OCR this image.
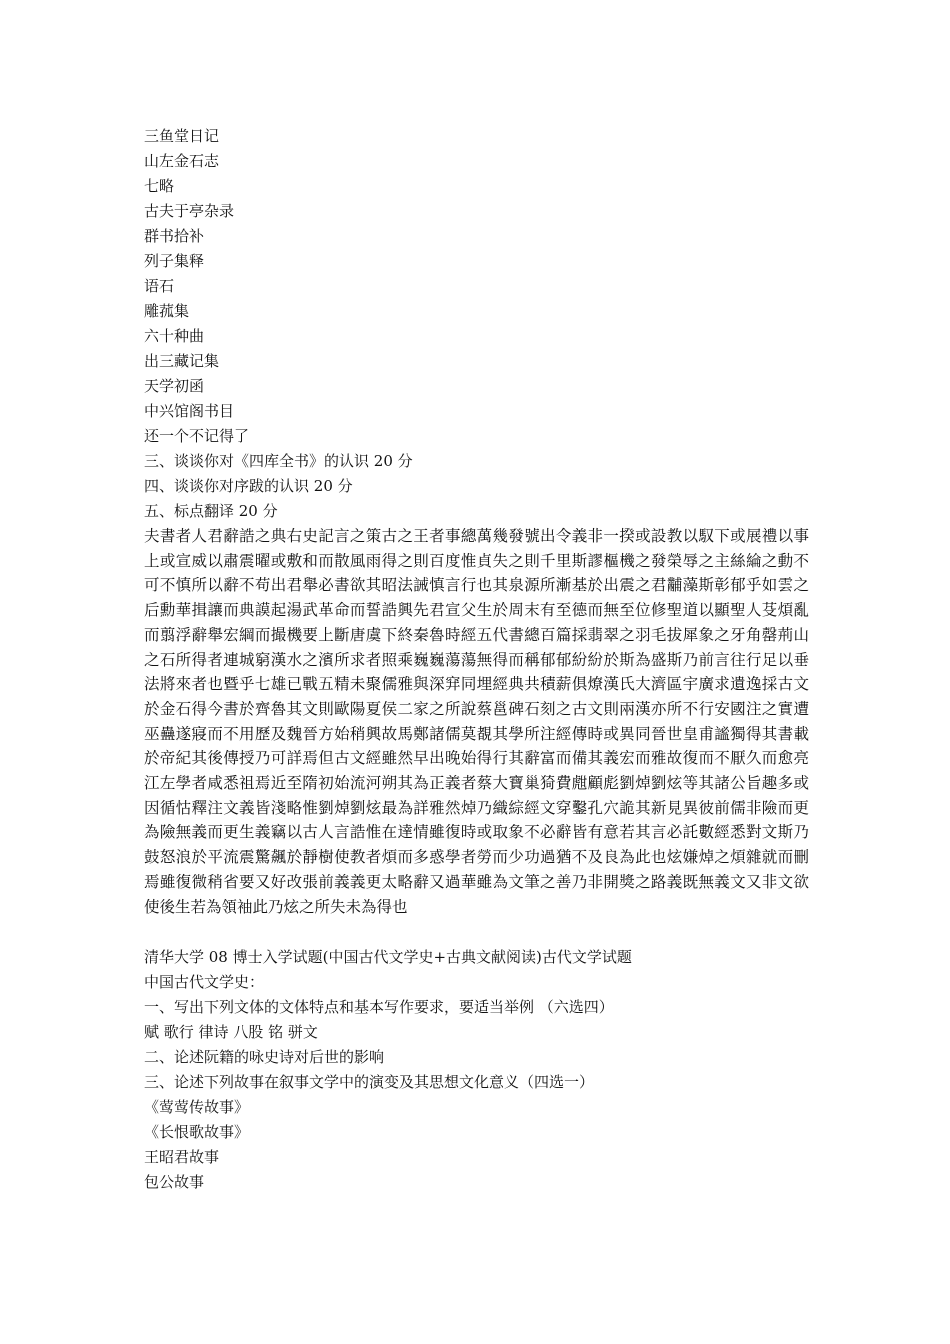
三鱼堂日记
山左金石志
七略
古夫于亭杂录
群书拾补
列子集释
语石
雕菰集
六十种曲
出三藏记集
天学初函
中兴馆阁书目
还一个不记得了
三、谈谈你对《四库全书》的认识 20 分
四、谈谈你对序跋的认识 20 分
五、标点翻译 20 分

夫書者人君辭誥之典右史記言之策古之王者事總萬幾發號出令義非一揆或設教以馭下或展禮以事上或宣威以肅震曜或敷和而散風雨得之則百度惟貞失之則千里斯謬樞機之發榮辱之主絲綸之動不可不慎所以辭不苟出君舉必書欲其昭法誡慎言行也其泉源所漸基於出震之君黼藻斯彰郁乎如雲之后勳華揖讓而典謨起湯武革命而誓誥興先君宣父生於周末有至德而無至位修聖道以顯聖人芟煩亂而翦浮辭舉宏綱而撮機要上斷唐虞下終秦魯時經五代書總百篇採翡翠之羽毛拔犀象之牙角罄荊山之石所得者連城窮漢水之濱所求者照乘巍巍蕩蕩無得而稱郁郁紛紛於斯為盛斯乃前言往行足以垂法將來者也暨乎七雄已戰五精未聚儒雅與深穽同埋經典共積薪俱燎漢氏大濟區宇廣求遺逸採古文於金石得今書於齊魯其文則歐陽夏侯二家之所說蔡邕碑石刻之古文則兩漢亦所不行安國注之實遭巫蠱遂寢而不用歷及魏晉方始稍興故馬鄭諸儒莫覩其學所注經傳時或異同晉世皇甫謐獨得其書載於帝紀其後傳授乃可詳焉但古文經雖然早出晚始得行其辭富而備其義宏而雅故復而不厭久而愈亮江左學者咸悉祖焉近至隋初始流河朔其為正義者蔡大寶巢猗費甝顧彪劉焯劉炫等其諸公旨趣多或因循怙釋注文義皆淺略惟劉焯劉炫最為詳雅然焯乃織綜經文穿鑿孔穴詭其新見異彼前儒非險而更為險無義而更生義竊以古人言誥惟在達情雖復時或取象不必辭皆有意若其言必託數經悉對文斯乃鼓怒浪於平流震驚飆於靜樹使教者煩而多惑學者勞而少功過猶不及良為此也炫嫌焯之煩雜就而刪焉雖復微稍省要又好改張前義義更太略辭又過華雖為文筆之善乃非開獎之路義既無義文又非文欲使後生若為領袖此乃炫之所失未為得也

清华大学 08 博士入学试题(中国古代文学史+古典文献阅读)古代文学试题
中国古代文学史：
一、写出下列文体的文体特点和基本写作要求，要适当举例 （六选四）
赋 歌行 律诗 八股 铭 骈文
二、论述阮籍的咏史诗对后世的影响
三、论述下列故事在叙事文学中的演变及其思想文化意义（四选一）
《莺莺传故事》
《长恨歌故事》
王昭君故事
包公故事
